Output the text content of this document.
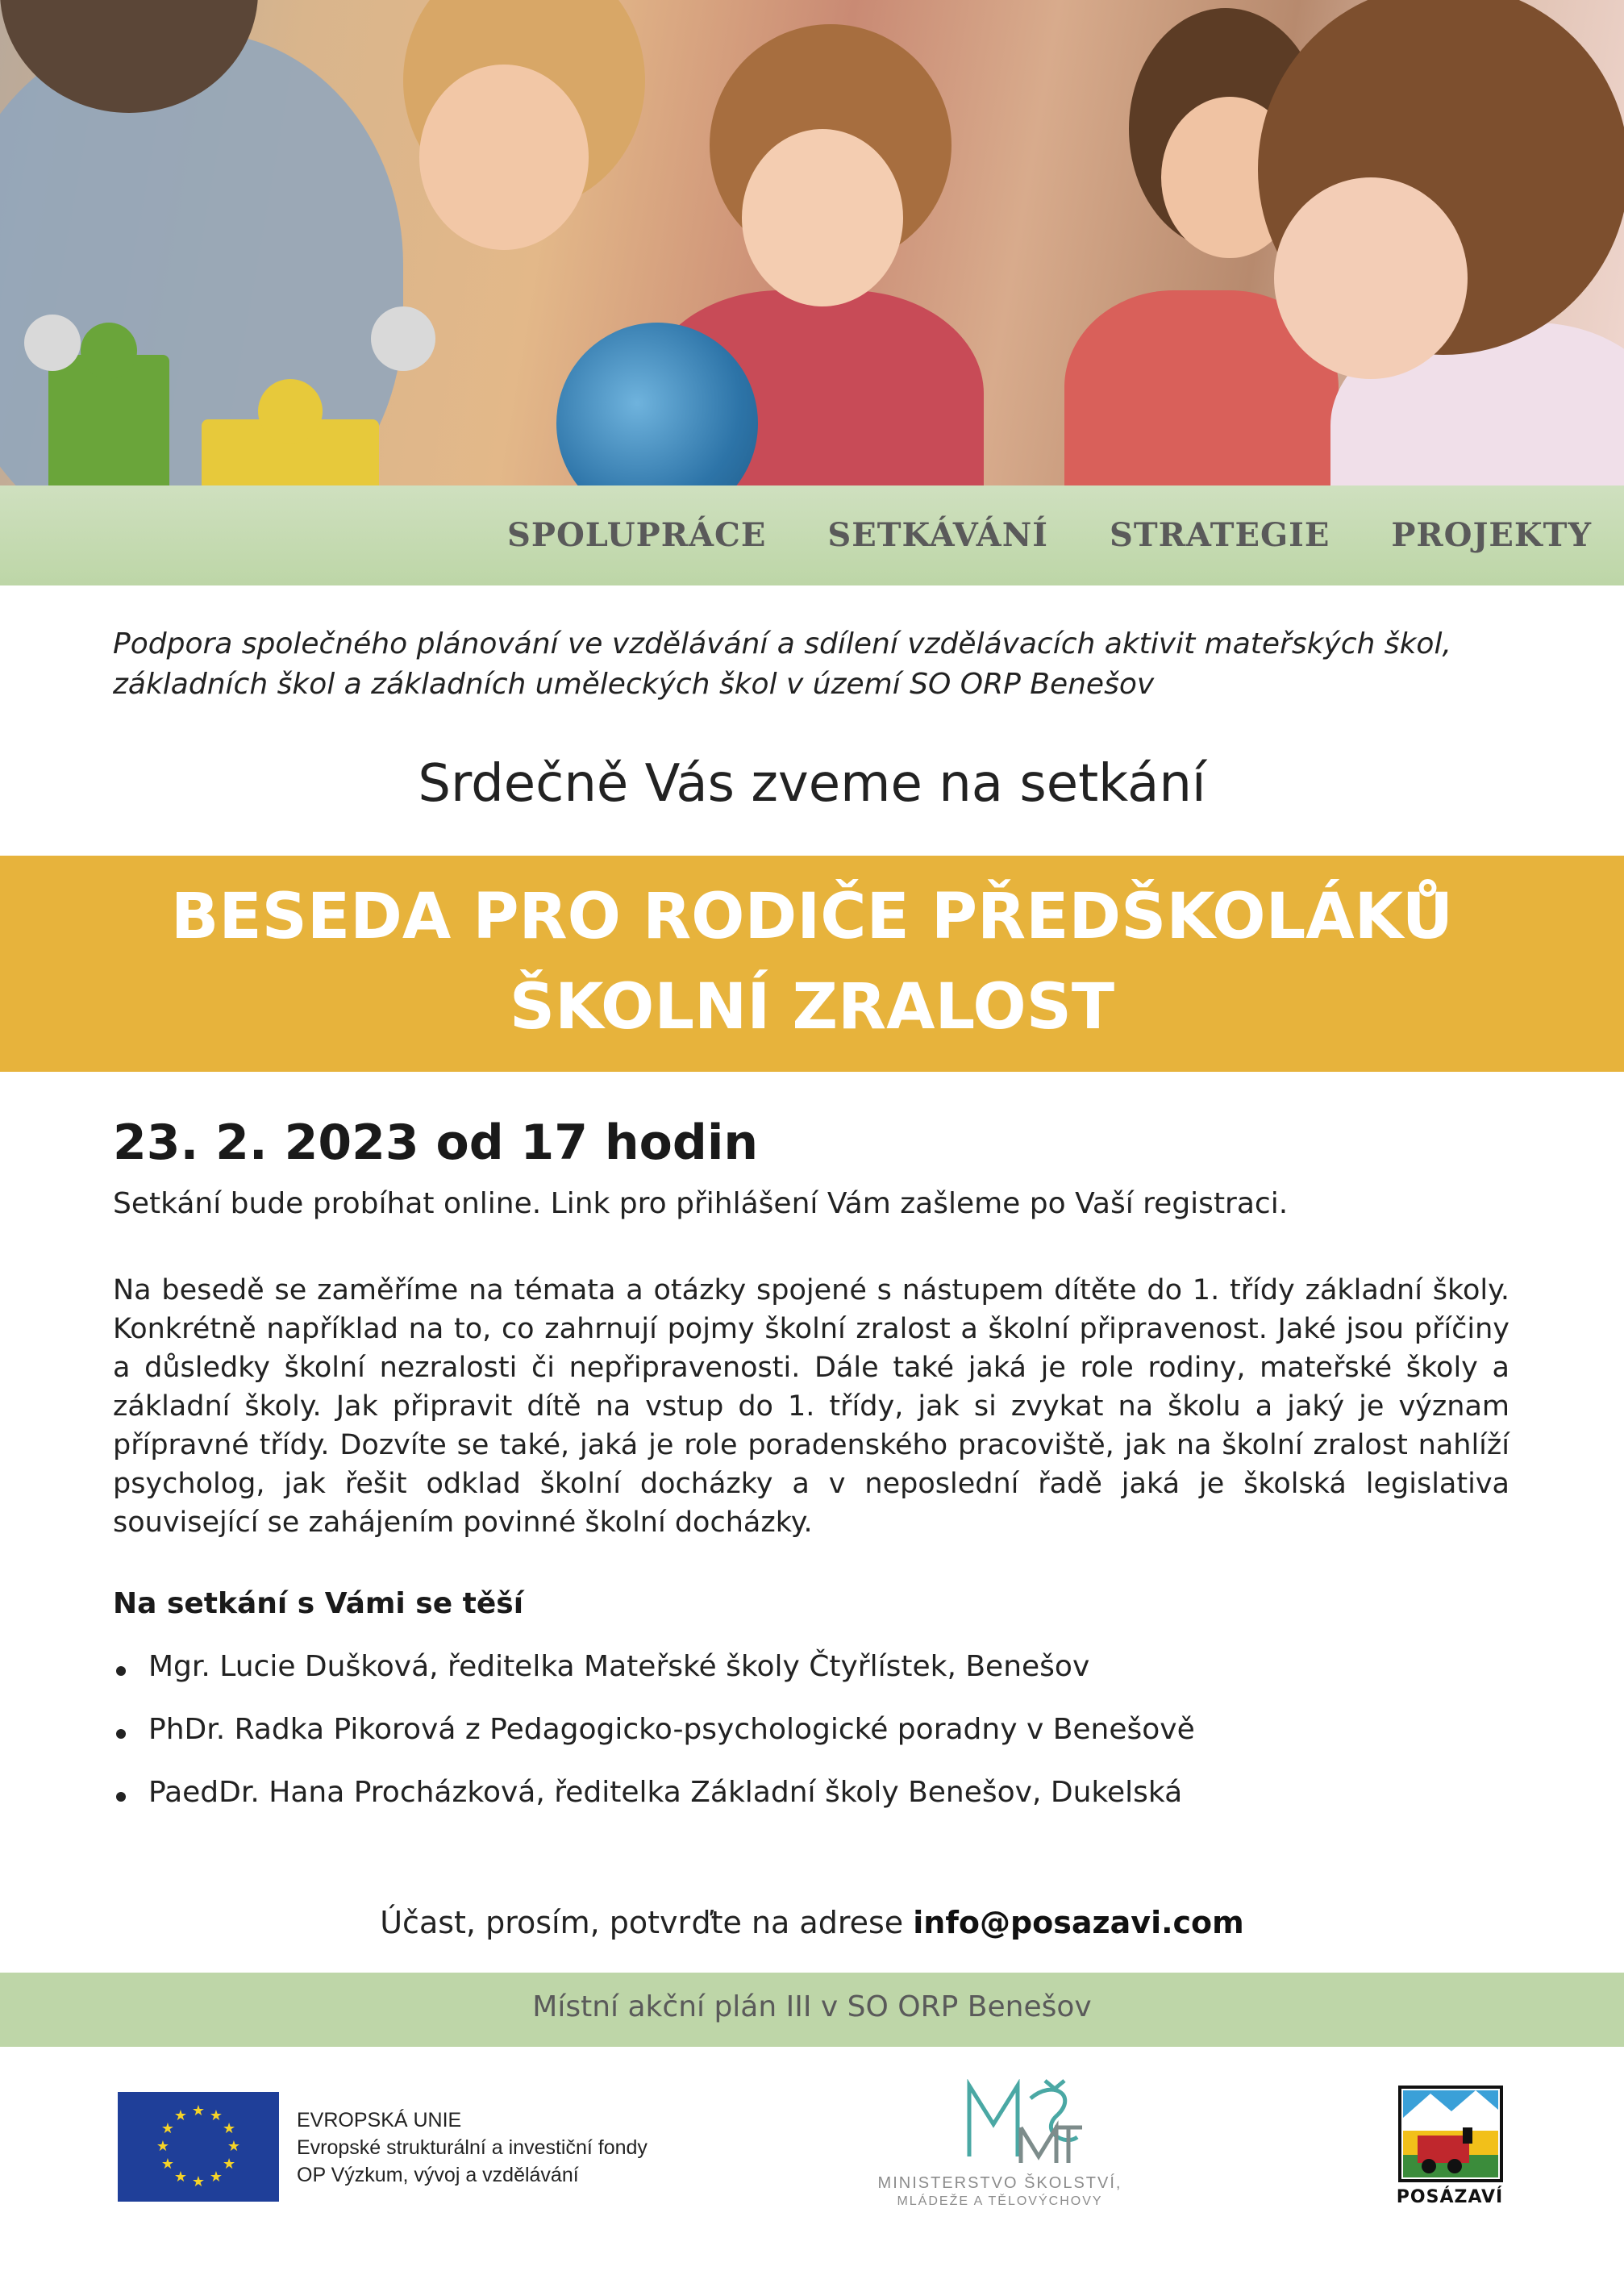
SPOLUPRÁCE SETKÁVÁNÍ STRATEGIE PROJEKTY
Podpora společného plánování ve vzdělávání a sdílení vzdělávacích aktivit mateřských škol,
základních škol a základních uměleckých škol v území SO ORP Benešov
Srdečně Vás zveme na setkání
BESEDA PRO RODIČE PŘEDŠKOLÁKŮ
ŠKOLNÍ ZRALOST
23. 2. 2023 od 17 hodin
Setkání bude probíhat online. Link pro přihlášení Vám zašleme po Vaší registraci.
Na besedě se zaměříme na témata a otázky spojené s nástupem dítěte do 1. třídy základní školy. Konkrétně například na to, co zahrnují pojmy školní zralost a školní připravenost. Jaké jsou příčiny a důsledky školní nezralosti či nepřipravenosti. Dále také jaká je role rodiny, mateřské školy a základní školy. Jak připravit dítě na vstup do 1. třídy, jak si zvykat na školu a jaký je význam přípravné třídy. Dozvíte se také, jaká je role poradenského pracoviště, jak na školní zralost nahlíží psycholog, jak řešit odklad školní docházky a v neposlední řadě jaká je školská legislativa související se zahájením povinné školní docházky.
Na setkání s Vámi se těší
Mgr. Lucie Dušková, ředitelka Mateřské školy Čtyřlístek, Benešov
PhDr. Radka Pikorová z Pedagogicko-psychologické poradny v Benešově
PaedDr. Hana Procházková, ředitelka Základní školy Benešov, Dukelská
Účast, prosím, potvrďte na adrese info@posazavi.com
Místní akční plán III v SO ORP Benešov
★ ★
★
★
★
★
★
★
★
★
★
★	EVROPSKÁ UNIE
Evropské strukturální a investiční fondy
OP Výzkum, vývoj a vzdělávání	MINISTERSTVO ŠKOLSTVÍ,
MLÁDEŽE A TĚLOVÝCHOVY	POSÁZAVÍ
